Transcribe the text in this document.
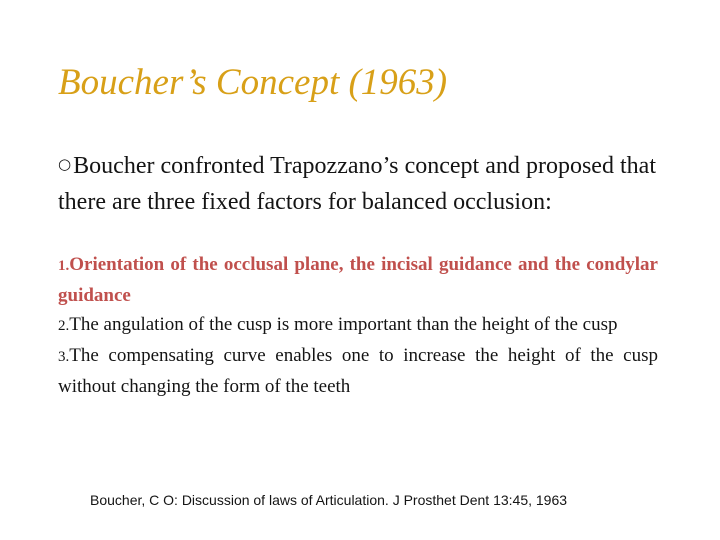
Boucher’s Concept (1963)
○Boucher confronted Trapozzano’s concept and proposed that there are three fixed factors for balanced occlusion:
1.Orientation of the occlusal plane, the incisal guidance and the condylar guidance
2.The angulation of the cusp is more important than the height of the cusp
3.The compensating curve enables one to increase the height of the cusp without changing the form of the teeth
Boucher, C O: Discussion of laws of Articulation. J Prosthet Dent 13:45, 1963
